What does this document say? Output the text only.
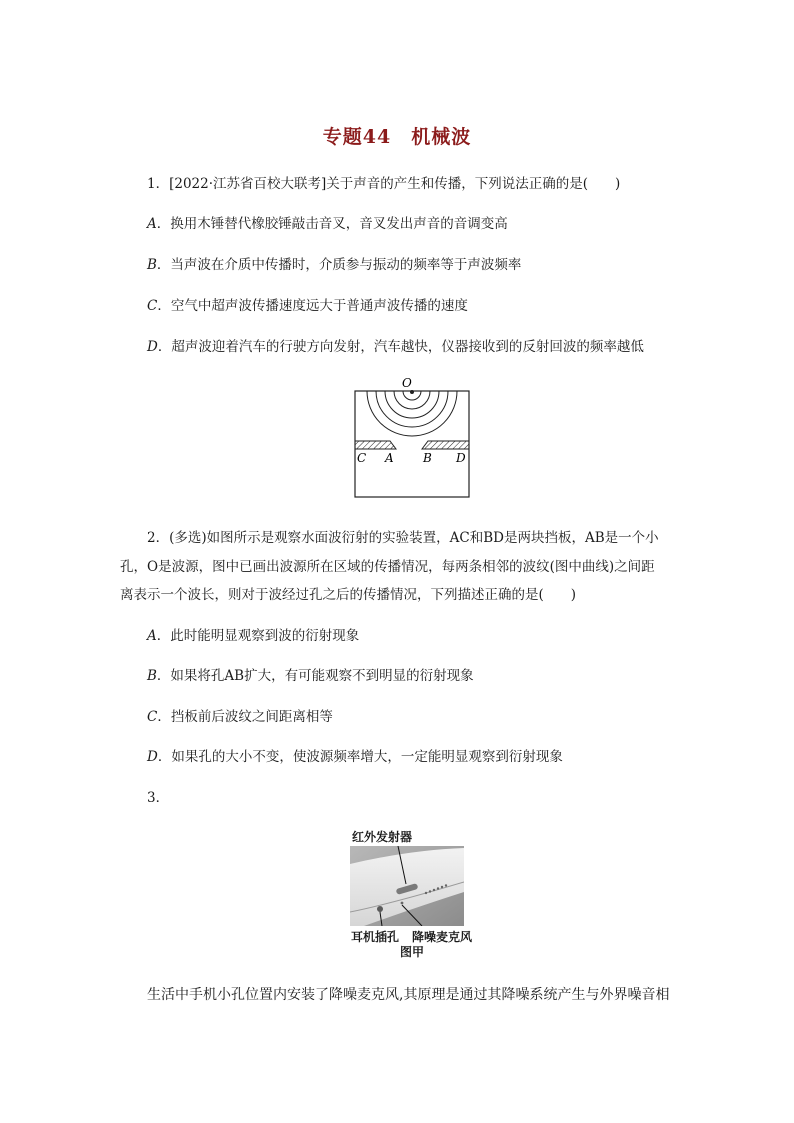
专题44　机械波
1．[2022·江苏省百校大联考]关于声音的产生和传播，下列说法正确的是(　　)
A．换用木锤替代橡胶锤敲击音叉，音叉发出声音的音调变高
B．当声波在介质中传播时，介质参与振动的频率等于声波频率
C．空气中超声波传播速度远大于普通声波传播的速度
D．超声波迎着汽车的行驶方向发射，汽车越快，仪器接收到的反射回波的频率越低
O
C A B D
2．(多选)如图所示是观察水面波衍射的实验装置，AC和BD是两块挡板，AB是一个小
孔，O是波源，图中已画出波源所在区域的传播情况，每两条相邻的波纹(图中曲线)之间距
离表示一个波长，则对于波经过孔之后的传播情况，下列描述正确的是(　　)
A．此时能明显观察到波的衍射现象
B．如果将孔AB扩大，有可能观察不到明显的衍射现象
C．挡板前后波纹之间距离相等
D．如果孔的大小不变，使波源频率增大，一定能明显观察到衍射现象
3．
红外发射器
耳机插孔 降噪麦克风
图甲
生活中手机小孔位置内安装了降噪麦克风,其原理是通过其降噪系统产生与外界噪音相
